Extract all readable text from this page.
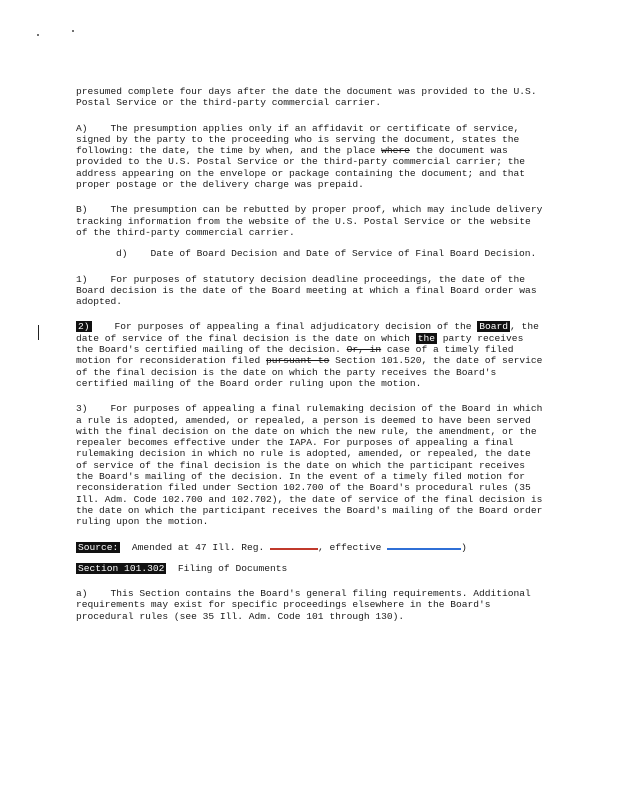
presumed complete four days after the date the document was provided to the U.S. Postal Service or the third-party commercial carrier.

A)    The presumption applies only if an affidavit or certificate of service, signed by the party to the proceeding who is serving the document, states the following: the date, the time by when, and the place where the document was provided to the U.S. Postal Service or the third-party commercial carrier; the address appearing on the envelope or package containing the document; and that proper postage or the delivery charge was prepaid.

B)    The presumption can be rebutted by proper proof, which may include delivery tracking information from the website of the U.S. Postal Service or the website of the third-party commercial carrier.

d)    Date of Board Decision and Date of Service of Final Board Decision.

1)    For purposes of statutory decision deadline proceedings, the date of the Board decision is the date of the Board meeting at which a final Board order was adopted.

2)    For purposes of appealing a final adjudicatory decision of the Board , the date of service of the final decision is the date on which the party receives the Board's certified mailing of the decision. Or, in case of a timely filed motion for reconsideration filed pursuant to Section 101.520, the date of service of the final decision is the date on which the party receives the Board's certified mailing of the Board order ruling upon the motion.

3)    For purposes of appealing a final rulemaking decision of the Board in which a rule is adopted, amended, or repealed, a person is deemed to have been served with the final decision on the date on which the new rule, the amendment, or the repealer becomes effective under the IAPA. For purposes of appealing a final rulemaking decision in which no rule is adopted, amended, or repealed, the date of service of the final decision is the date on which the participant receives the Board's mailing of the decision. In the event of a timely filed motion for reconsideration filed under Section 102.700 of the Board's procedural rules (35 Ill. Adm. Code 102.700 and 102.702), the date of service of the final decision is the date on which the participant receives the Board's mailing of the Board order ruling upon the motion.

Source: Amended at 47 Ill. Reg.	, effective	)

Section 101.302 Filing of Documents

a)    This Section contains the Board's general filing requirements. Additional requirements may exist for specific proceedings elsewhere in the Board's procedural rules (see 35 Ill. Adm. Code 101 through 130).
